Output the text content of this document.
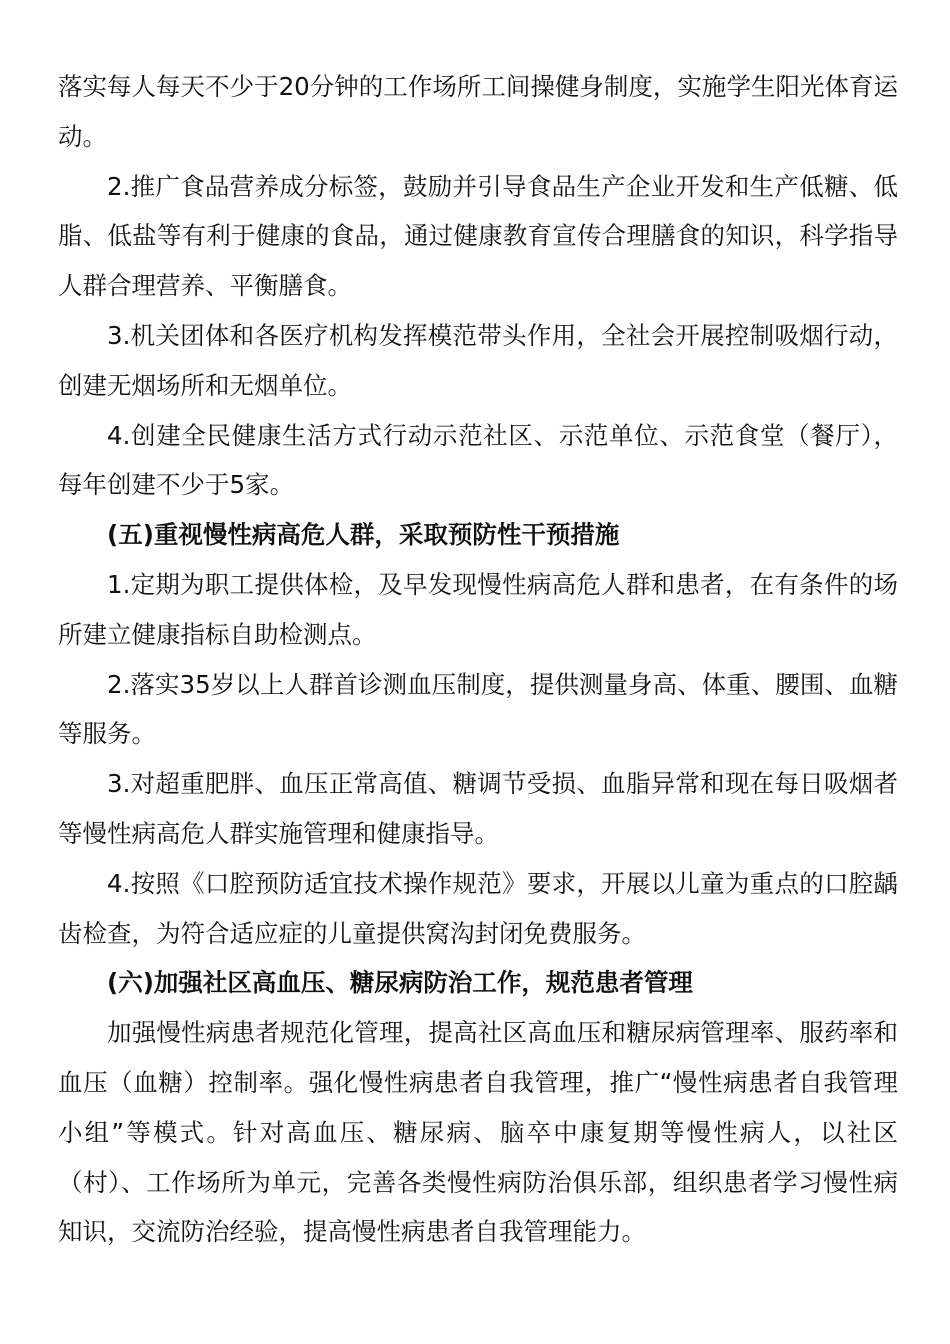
落实每人每天不少于20分钟的工作场所工间操健身制度，实施学生阳光体育运动。

2.推广食品营养成分标签，鼓励并引导食品生产企业开发和生产低糖、低脂、低盐等有利于健康的食品，通过健康教育宣传合理膳食的知识，科学指导人群合理营养、平衡膳食。

3.机关团体和各医疗机构发挥模范带头作用，全社会开展控制吸烟行动，创建无烟场所和无烟单位。

4.创建全民健康生活方式行动示范社区、示范单位、示范食堂（餐厅），每年创建不少于5家。

(五)重视慢性病高危人群，采取预防性干预措施

1.定期为职工提供体检，及早发现慢性病高危人群和患者，在有条件的场所建立健康指标自助检测点。

2.落实35岁以上人群首诊测血压制度，提供测量身高、体重、腰围、血糖等服务。

3.对超重肥胖、血压正常高值、糖调节受损、血脂异常和现在每日吸烟者等慢性病高危人群实施管理和健康指导。

4.按照《口腔预防适宜技术操作规范》要求，开展以儿童为重点的口腔龋齿检查，为符合适应症的儿童提供窝沟封闭免费服务。

(六)加强社区高血压、糖尿病防治工作，规范患者管理

加强慢性病患者规范化管理，提高社区高血压和糖尿病管理率、服药率和血压（血糖）控制率。强化慢性病患者自我管理，推广“慢性病患者自我管理小组”等模式。针对高血压、糖尿病、脑卒中康复期等慢性病人，以社区（村）、工作场所为单元，完善各类慢性病防治俱乐部，组织患者学习慢性病知识，交流防治经验，提高慢性病患者自我管理能力。
